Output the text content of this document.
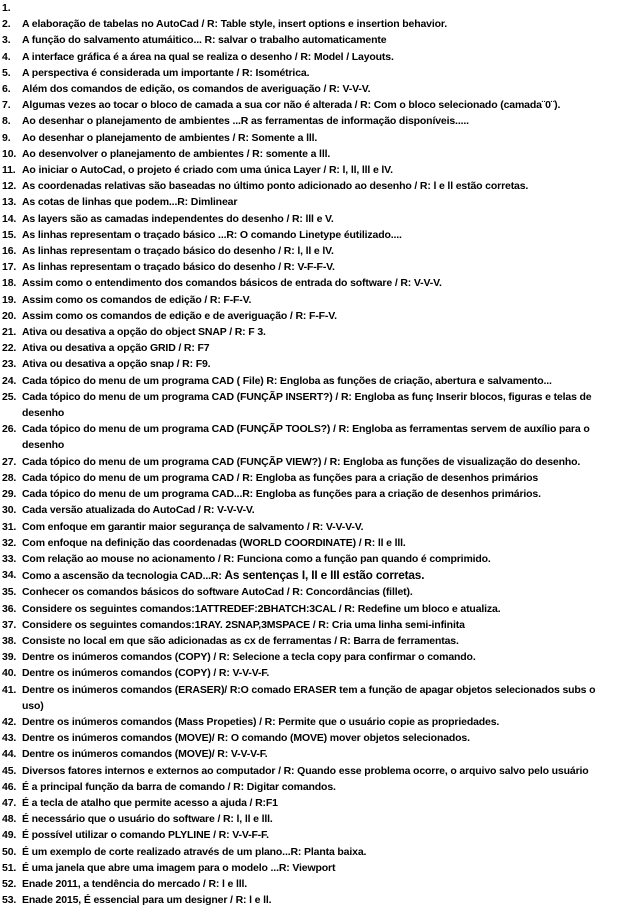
1.
2.	A elaboração de tabelas no AutoCad / R: Table style, insert options e insertion behavior.
3.	A função do salvamento atumáitico... R: salvar o trabalho automaticamente
4.	A interface gráfica é a área na qual se realiza o desenho / R: Model / Layouts.
5.	A perspectiva é considerada um importante / R: Isométrica.
6.	Além dos comandos de edição, os comandos de averiguação / R: V-V-V.
7.	Algumas vezes ao tocar o bloco de camada a sua cor não é alterada / R: Com o bloco selecionado (camada¨0¨).
8.	Ao desenhar o planejamento de ambientes ...R as ferramentas de informação disponíveis.....
9.	Ao desenhar o planejamento de ambientes / R: Somente a lll.
10. Ao desenvolver o planejamento de ambientes / R: somente a lll.
11. Ao iniciar o AutoCad, o projeto é criado com uma única Layer / R: l, ll, lll e lV.
12. As coordenadas relativas são baseadas no último ponto adicionado ao desenho / R: l e ll estão corretas.
13. As cotas de linhas que podem...R: Dimlinear
14. As layers são as camadas independentes do desenho / R: lll e V.
15. As linhas representam o traçado básico ...R: O comando Linetype éutilizado....
16. As linhas representam o traçado básico do desenho / R: l, ll e lV.
17. As linhas representam o traçado básico do desenho / R: V-F-F-V.
18. Assim como o entendimento dos comandos básicos de entrada do software / R: V-V-V.
19. Assim como os comandos de edição / R: F-F-V.
20. Assim como os comandos de edição e de averiguação / R: F-F-V.
21. Ativa ou desativa a opção do object SNAP / R: F 3.
22. Ativa ou desativa a opção GRID / R: F7
23. Ativa ou desativa a opção snap / R: F9.
24. Cada tópico do menu de um programa CAD ( File) R: Engloba as funções de criação, abertura e salvamento...
25. Cada tópico do menu de um programa CAD (FUNÇÃP INSERT?) / R: Engloba as funç Inserir blocos, figuras e telas de desenho
26. Cada tópico do menu de um programa CAD (FUNÇÃP TOOLS?) / R: Engloba as ferramentas servem de auxílio para o desenho
27. Cada tópico do menu de um programa CAD (FUNÇÃP VIEW?) / R: Engloba as funções de visualização do desenho.
28. Cada tópico do menu de um programa CAD / R: Engloba as funções para a criação de desenhos primários
29. Cada tópico do menu de um programa CAD...R: Engloba as funções para a criação de desenhos primários.
30. Cada versão atualizada do AutoCad / R: V-V-V-V.
31. Com enfoque em garantir maior segurança de salvamento / R: V-V-V-V.
32. Com enfoque na definição das coordenadas (WORLD COORDINATE) / R: ll e lll.
33. Com relação ao mouse no acionamento / R: Funciona como a função pan quando é comprimido.
34. Como a ascensão da tecnologia CAD...R: As sentenças I, II e III estão corretas.
35. Conhecer os comandos básicos do software AutoCad / R: Concordâncias (fillet).
36. Considere os seguintes comandos:1ATTREDEF:2BHATCH:3CAL / R: Redefine um bloco e atualiza.
37. Considere os seguintes comandos:1RAY. 2SNAP,3MSPACE / R: Cria uma linha semi-infinita
38. Consiste no local em que são adicionadas as cx de ferramentas / R: Barra de ferramentas.
39. Dentre os inúmeros comandos (COPY) / R: Selecione a tecla copy para confirmar o comando.
40. Dentre os inúmeros comandos (COPY) / R: V-V-V-F.
41. Dentre os inúmeros comandos (ERASER)/ R:O comado ERASER tem a função de apagar objetos selecionados subs o uso)
42. Dentre os inúmeros comandos (Mass Propeties) / R: Permite que o usuário copie as propriedades.
43. Dentre os inúmeros comandos (MOVE)/ R: O comando (MOVE) mover objetos selecionados.
44. Dentre os inúmeros comandos (MOVE)/ R: V-V-V-F.
45. Diversos fatores internos e externos ao computador / R: Quando esse problema ocorre, o arquivo salvo pelo usuário
46. É a principal função da barra de comando / R: Digitar comandos.
47. É a tecla de atalho que permite acesso a ajuda / R:F1
48. É necessário que o usuário do software / R: l, ll e lll.
49. É possível utilizar o comando PLYLINE / R: V-V-F-F.
50. É um exemplo de corte realizado através de um plano...R: Planta baixa.
51. É uma janela que abre uma imagem para o modelo ...R: Viewport
52. Enade 2011, a tendência do mercado / R: l e lll.
53. Enade 2015, É essencial para um designer / R: l e ll.
